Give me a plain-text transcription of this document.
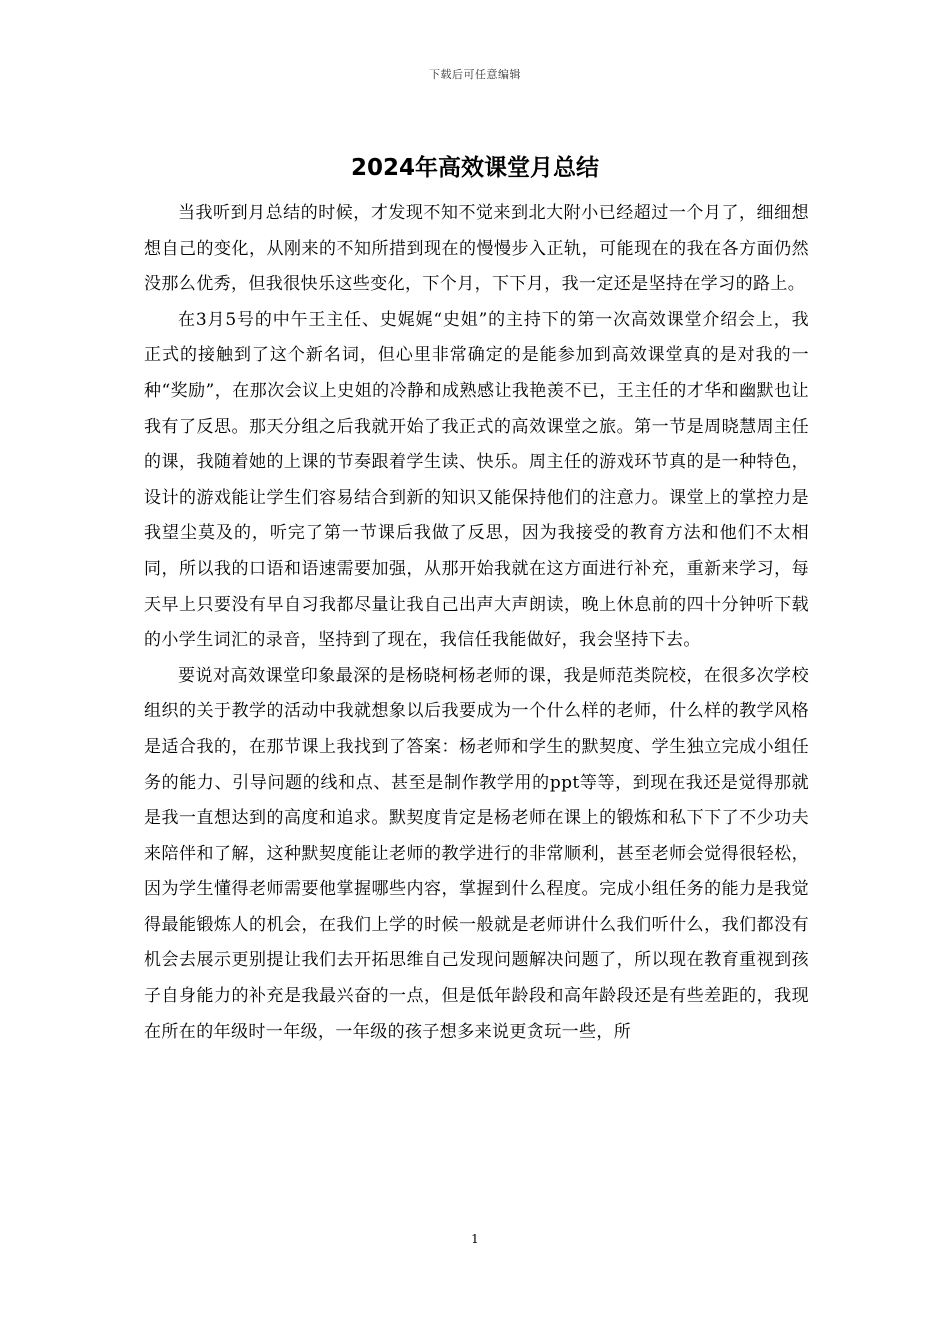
下载后可任意编辑
2024年高效课堂月总结

当我听到月总结的时候，才发现不知不觉来到北大附小已经超过一个月了，细细想想自己的变化，从刚来的不知所措到现在的慢慢步入正轨，可能现在的我在各方面仍然没那么优秀，但我很快乐这些变化，下个月，下下月，我一定还是坚持在学习的路上。

在3月5号的中午王主任、史娓娓“史姐”的主持下的第一次高效课堂介绍会上，我正式的接触到了这个新名词，但心里非常确定的是能参加到高效课堂真的是对我的一种“奖励”，在那次会议上史姐的冷静和成熟感让我艳羡不已，王主任的才华和幽默也让我有了反思。那天分组之后我就开始了我正式的高效课堂之旅。第一节是周晓慧周主任的课，我随着她的上课的节奏跟着学生读、快乐。周主任的游戏环节真的是一种特色，设计的游戏能让学生们容易结合到新的知识又能保持他们的注意力。课堂上的掌控力是我望尘莫及的，听完了第一节课后我做了反思，因为我接受的教育方法和他们不太相同，所以我的口语和语速需要加强，从那开始我就在这方面进行补充，重新来学习，每天早上只要没有早自习我都尽量让我自己出声大声朗读，晚上休息前的四十分钟听下载的小学生词汇的录音，坚持到了现在，我信任我能做好，我会坚持下去。

要说对高效课堂印象最深的是杨晓柯杨老师的课，我是师范类院校，在很多次学校组织的关于教学的活动中我就想象以后我要成为一个什么样的老师，什么样的教学风格是适合我的，在那节课上我找到了答案：杨老师和学生的默契度、学生独立完成小组任务的能力、引导问题的线和点、甚至是制作教学用的ppt等等，到现在我还是觉得那就是我一直想达到的高度和追求。默契度肯定是杨老师在课上的锻炼和私下下了不少功夫来陪伴和了解，这种默契度能让老师的教学进行的非常顺利，甚至老师会觉得很轻松，因为学生懂得老师需要他掌握哪些内容，掌握到什么程度。完成小组任务的能力是我觉得最能锻炼人的机会，在我们上学的时候一般就是老师讲什么我们听什么，我们都没有机会去展示更别提让我们去开拓思维自己发现问题解决问题了，所以现在教育重视到孩子自身能力的补充是我最兴奋的一点，但是低年龄段和高年龄段还是有些差距的，我现在所在的年级时一年级，一年级的孩子想多来说更贪玩一些，所

1
